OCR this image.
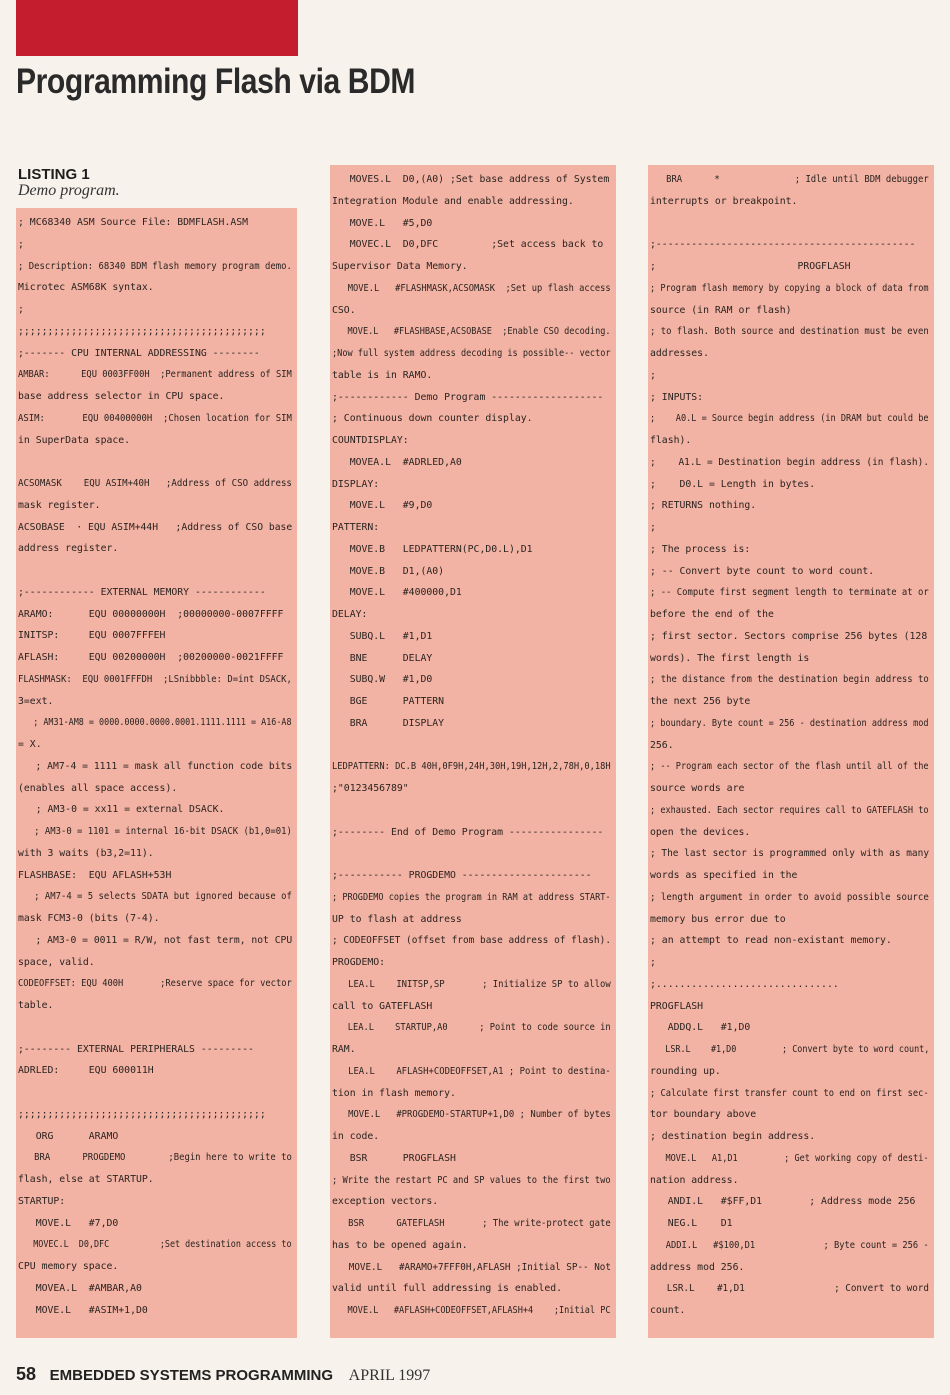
Programming Flash via BDM
LISTING 1
Demo program.
; MC68340 ASM Source File: BDMFLASH.ASM
;
; Description: 68340 BDM flash memory program demo.
Microtec ASM68K syntax.
;
;;;;;;;;;;;;;;;;;;;;;;;;;;;;;;;;;;;;;;;;;;
;------- CPU INTERNAL ADDRESSING --------
AMBAR:      EQU 0003FF00H  ;Permanent address of SIM
base address selector in CPU space.
ASIM:       EQU 00400000H  ;Chosen location for SIM
in SuperData space.
ACSOMASK    EQU ASIM+40H   ;Address of CSO address
mask register.
ACSOBASE  · EQU ASIM+44H   ;Address of CSO base
address register.
;------------ EXTERNAL MEMORY ------------
ARAMO:      EQU 00000000H  ;00000000-0007FFFF
INITSP:     EQU 0007FFFEH
AFLASH:     EQU 00200000H  ;00200000-0021FFFF
FLASHMASK:  EQU 0001FFFDH  ;LSnibbble: D=int DSACK,
3=ext.
; AM31-AM8 = 0000.0000.0000.0001.1111.1111 = A16-A8
= X.
; AM7-4 = 1111 = mask all function code bits
(enables all space access).
; AM3-0 = xx11 = external DSACK.
; AM3-0 = 1101 = internal 16-bit DSACK (b1,0=01)
with 3 waits (b3,2=11).
FLASHBASE:  EQU AFLASH+53H
; AM7-4 = 5 selects SDATA but ignored because of
mask FCM3-0 (bits (7-4).
; AM3-0 = 0011 = R/W, not fast term, not CPU
space, valid.
CODEOFFSET: EQU 400H       ;Reserve space for vector
table.
;-------- EXTERNAL PERIPHERALS ---------
ADRLED:     EQU 600011H
;;;;;;;;;;;;;;;;;;;;;;;;;;;;;;;;;;;;;;;;;;
ORG      ARAMO
BRA      PROGDEMO        ;Begin here to write to
flash, else at STARTUP.
STARTUP:
MOVE.L   #7,D0
MOVEC.L  D0,DFC          ;Set destination access to
CPU memory space.
MOVEA.L  #AMBAR,A0
MOVE.L   #ASIM+1,D0
MOVES.L  D0,(A0) ;Set base address of System
Integration Module and enable addressing.
MOVE.L   #5,D0
MOVEC.L  D0,DFC         ;Set access back to
Supervisor Data Memory.
MOVE.L   #FLASHMASK,ACSOMASK  ;Set up flash access
CSO.
MOVE.L   #FLASHBASE,ACSOBASE  ;Enable CSO decoding.
;Now full system address decoding is possible-- vector
table is in RAMO.
;------------ Demo Program -------------------
; Continuous down counter display.
COUNTDISPLAY:
MOVEA.L  #ADRLED,A0
DISPLAY:
MOVE.L   #9,D0
PATTERN:
MOVE.B   LEDPATTERN(PC,D0.L),D1
MOVE.B   D1,(A0)
MOVE.L   #400000,D1
DELAY:
SUBQ.L   #1,D1
BNE      DELAY
SUBQ.W   #1,D0
BGE      PATTERN
BRA      DISPLAY
LEDPATTERN: DC.B 40H,0F9H,24H,30H,19H,12H,2,78H,0,18H
;"0123456789"
;-------- End of Demo Program ----------------
;----------- PROGDEMO ----------------------
; PROGDEMO copies the program in RAM at address START-
UP to flash at address
; CODEOFFSET (offset from base address of flash).
PROGDEMO:
LEA.L    INITSP,SP       ; Initialize SP to allow
call to GATEFLASH
LEA.L    STARTUP,A0      ; Point to code source in
RAM.
LEA.L    AFLASH+CODEOFFSET,A1 ; Point to destina-
tion in flash memory.
MOVE.L   #PROGDEMO-STARTUP+1,D0 ; Number of bytes
in code.
BSR      PROGFLASH
; Write the restart PC and SP values to the first two
exception vectors.
BSR      GATEFLASH       ; The write-protect gate
has to be opened again.
MOVE.L   #ARAMO+7FFF0H,AFLASH ;Initial SP-- Not
valid until full addressing is enabled.
MOVE.L   #AFLASH+CODEOFFSET,AFLASH+4    ;Initial PC
BRA      *              ; Idle until BDM debugger
interrupts or breakpoint.
;--------------------------------------------
;                        PROGFLASH
; Program flash memory by copying a block of data from
source (in RAM or flash)
; to flash. Both source and destination must be even
addresses.
;
; INPUTS:
;    A0.L = Source begin address (in DRAM but could be
flash).
;    A1.L = Destination begin address (in flash).
;    D0.L = Length in bytes.
; RETURNS nothing.
;
; The process is:
; -- Convert byte count to word count.
; -- Compute first segment length to terminate at or
before the end of the
; first sector. Sectors comprise 256 bytes (128
words). The first length is
; the distance from the destination begin address to
the next 256 byte
; boundary. Byte count = 256 - destination address mod
256.
; -- Program each sector of the flash until all of the
source words are
; exhausted. Each sector requires call to GATEFLASH to
open the devices.
; The last sector is programmed only with as many
words as specified in the
; length argument in order to avoid possible source
memory bus error due to
; an attempt to read non-existant memory.
;
;...............................
PROGFLASH
ADDQ.L   #1,D0
LSR.L    #1,D0         ; Convert byte to word count,
rounding up.
; Calculate first transfer count to end on first sec-
tor boundary above
; destination begin address.
MOVE.L   A1,D1         ; Get working copy of desti-
nation address.
ANDI.L   #$FF,D1        ; Address mode 256
NEG.L    D1
ADDI.L   #$100,D1             ; Byte count = 256 -
address mod 256.
LSR.L    #1,D1                ; Convert to word
count.
58 EMBEDDED SYSTEMS PROGRAMMING APRIL 1997
